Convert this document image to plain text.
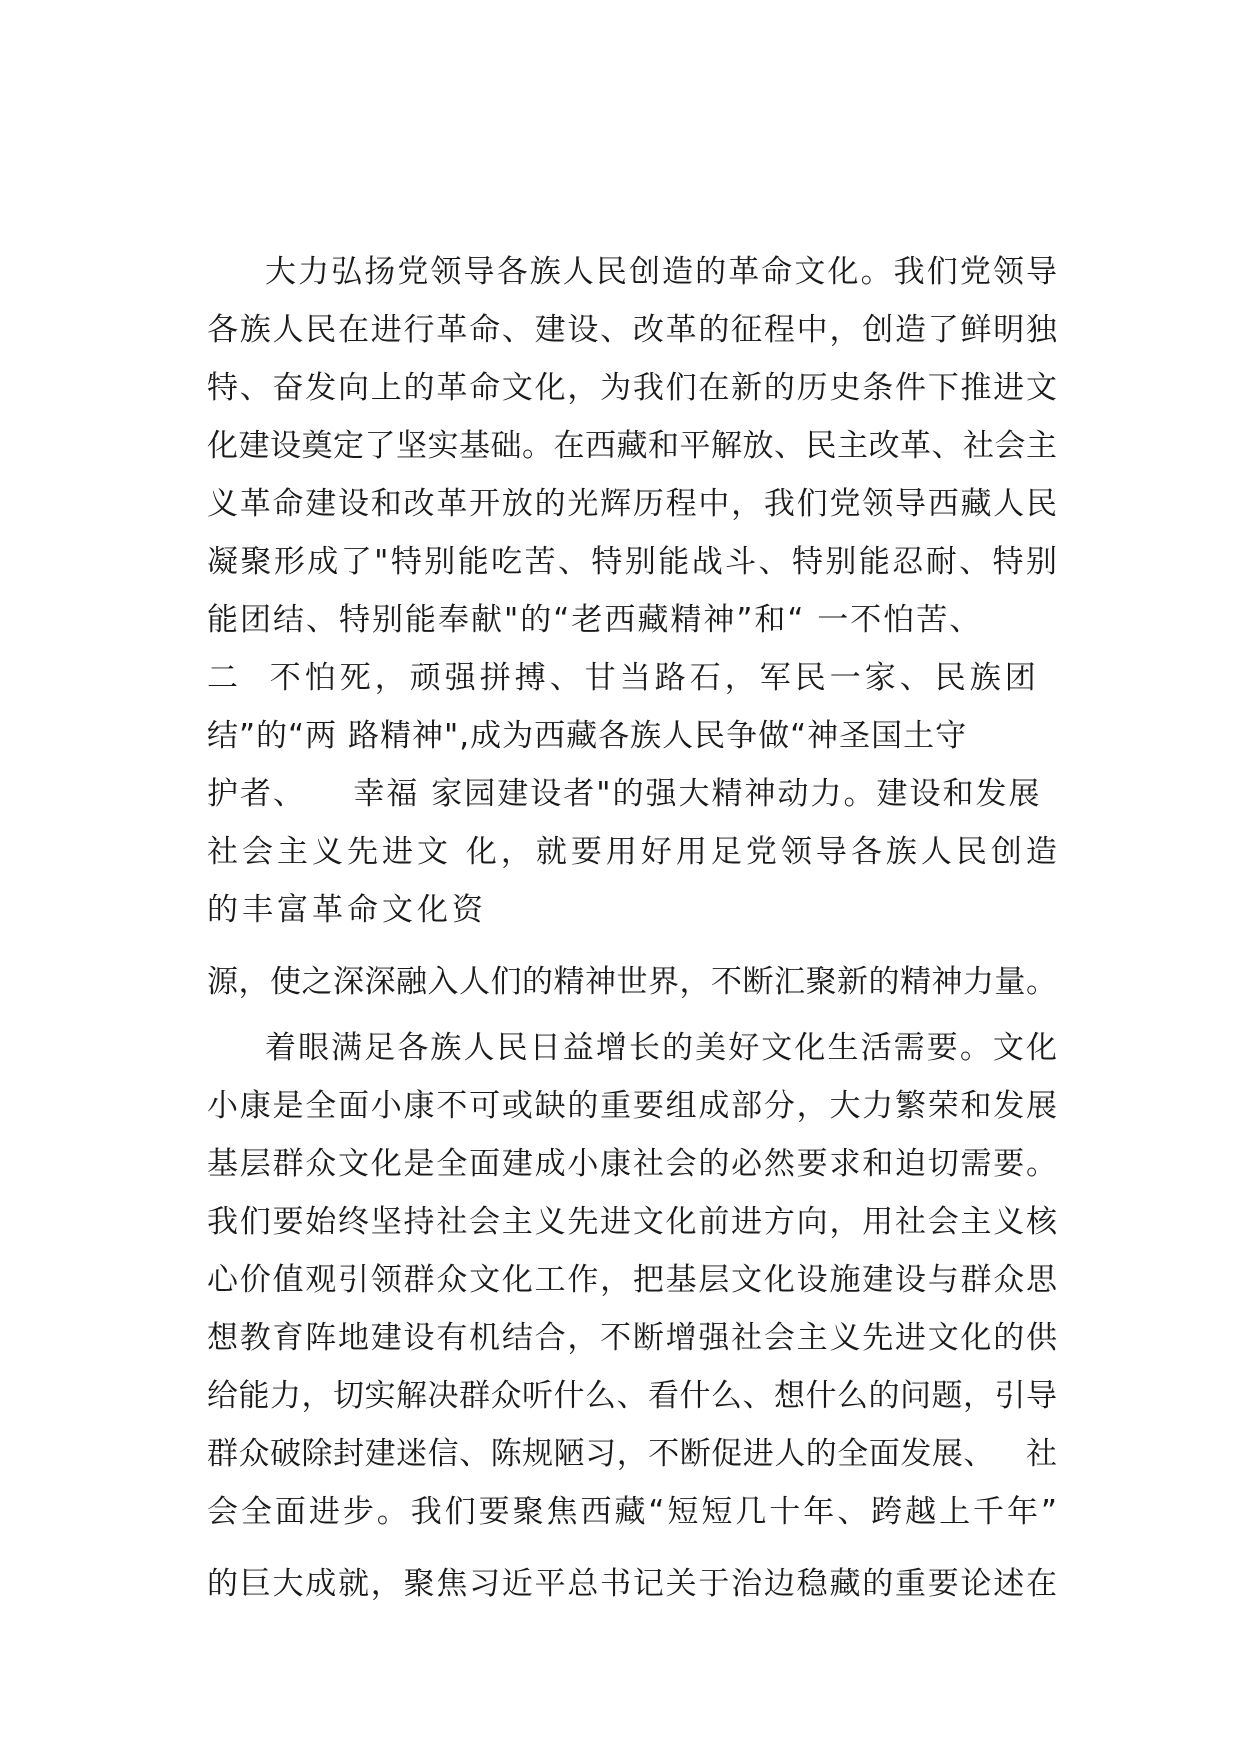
大力弘扬党领导各族人民创造的革命文化。我们党领导
各族人民在进行革命、建设、改革的征程中，创造了鲜明独
特、奋发向上的革命文化，为我们在新的历史条件下推进文
化建设奠定了坚实基础。在西藏和平解放、民主改革、社会主
义革命建设和改革开放的光辉历程中，我们党领导西藏人民
凝聚形成了"特别能吃苦、特别能战斗、特别能忍耐、特别
能团结、特别能奉献"的“老西藏精神”和“ 一不怕苦、
二  不怕死，顽强拼搏、甘当路石，军民一家、民族团
结”的“两 路精神",成为西藏各族人民争做“神圣国土守
护者、    幸福 家园建设者"的强大精神动力。建设和发展
社会主义先进文 化，就要用好用足党领导各族人民创造
的丰富革命文化资
源，使之深深融入人们的精神世界，不断汇聚新的精神力量。
着眼满足各族人民日益增长的美好文化生活需要。文化
小康是全面小康不可或缺的重要组成部分，大力繁荣和发展
基层群众文化是全面建成小康社会的必然要求和迫切需要。
我们要始终坚持社会主义先进文化前进方向，用社会主义核
心价值观引领群众文化工作，把基层文化设施建设与群众思
想教育阵地建设有机结合，不断增强社会主义先进文化的供
给能力，切实解决群众听什么、看什么、想什么的问题，引导
群众破除封建迷信、陈规陋习，不断促进人的全面发展、   社
会全面进步。我们要聚焦西藏“短短几十年、跨越上千年”
的巨大成就，聚焦习近平总书记关于治边稳藏的重要论述在
